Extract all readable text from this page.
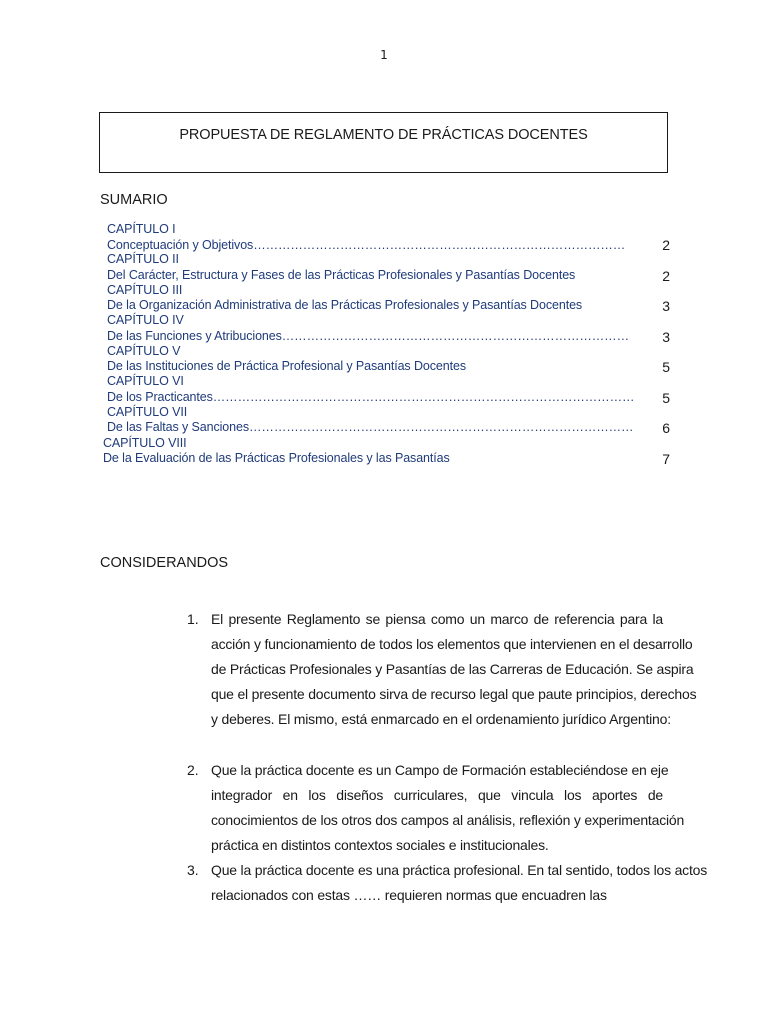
1
PROPUESTA DE REGLAMENTO DE PRÁCTICAS DOCENTES
SUMARIO
CAPÍTULO I
Conceptuación y Objetivos………………………………………………………………………………	2
CAPÍTULO II
Del Carácter, Estructura y Fases de las Prácticas Profesionales y Pasantías Docentes	2
CAPÍTULO III
De la Organización Administrativa de las Prácticas Profesionales y Pasantías Docentes	3
CAPÍTULO IV
De las Funciones y Atribuciones…………………………………………………………………………	3
CAPÍTULO V
De las Instituciones de Práctica Profesional y Pasantías Docentes	5
CAPÍTULO VI
De los Practicantes…………………………………………………………………………………………	5
CAPÍTULO VII
De las Faltas y Sanciones…………………………………………………………………………………	6
CAPÍTULO VIII
De la Evaluación de las Prácticas Profesionales y las Pasantías	7
CONSIDERANDOS
1. El presente Reglamento se piensa como un marco de referencia para la
acción y funcionamiento de todos los elementos que intervienen en el desarrollo
de Prácticas Profesionales y Pasantías de las Carreras de Educación. Se aspira
que el presente documento sirva de recurso legal que paute principios, derechos
y deberes. El mismo, está enmarcado en el ordenamiento jurídico Argentino:
2. Que la práctica docente es un Campo de Formación estableciéndose en eje
integrador en los diseños curriculares, que vincula los aportes de
conocimientos de los otros dos campos al análisis, reflexión y experimentación
práctica en distintos contextos sociales e institucionales.
3. Que la práctica docente es una práctica profesional. En tal sentido, todos los actos
relacionados con estas …… requieren normas que encuadren las
